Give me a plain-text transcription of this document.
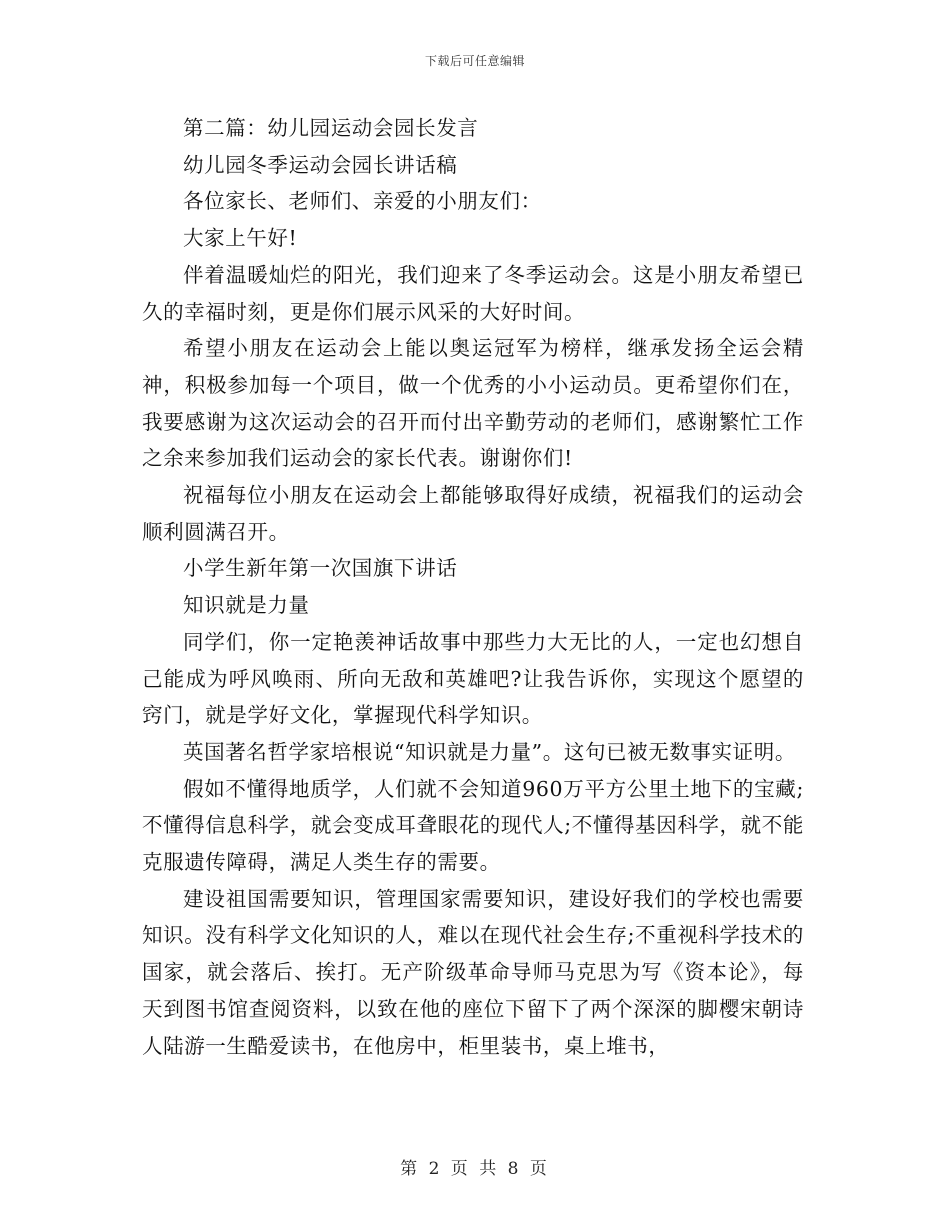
下载后可任意编辑

第二篇：幼儿园运动会园长发言

幼儿园冬季运动会园长讲话稿

各位家长、老师们、亲爱的小朋友们：

大家上午好!

伴着温暖灿烂的阳光，我们迎来了冬季运动会。这是小朋友希望已久的幸福时刻，更是你们展示风采的大好时间。

希望小朋友在运动会上能以奥运冠军为榜样，继承发扬全运会精神，积极参加每一个项目，做一个优秀的小小运动员。更希望你们在，我要感谢为这次运动会的召开而付出辛勤劳动的老师们，感谢繁忙工作之余来参加我们运动会的家长代表。谢谢你们!

祝福每位小朋友在运动会上都能够取得好成绩，祝福我们的运动会顺利圆满召开。

小学生新年第一次国旗下讲话

知识就是力量

同学们，你一定艳羡神话故事中那些力大无比的人，一定也幻想自己能成为呼风唤雨、所向无敌和英雄吧?让我告诉你，实现这个愿望的窍门，就是学好文化，掌握现代科学知识。

英国著名哲学家培根说“知识就是力量”。这句已被无数事实证明。

假如不懂得地质学，人们就不会知道960万平方公里土地下的宝藏;不懂得信息科学，就会变成耳聋眼花的现代人;不懂得基因科学，就不能克服遗传障碍，满足人类生存的需要。

建设祖国需要知识，管理国家需要知识，建设好我们的学校也需要知识。没有科学文化知识的人，难以在现代社会生存;不重视科学技术的国家，就会落后、挨打。无产阶级革命导师马克思为写《资本论》，每天到图书馆查阅资料，以致在他的座位下留下了两个深深的脚樱宋朝诗人陆游一生酷爱读书，在他房中，柜里装书，桌上堆书，

第 2 页 共 8 页
